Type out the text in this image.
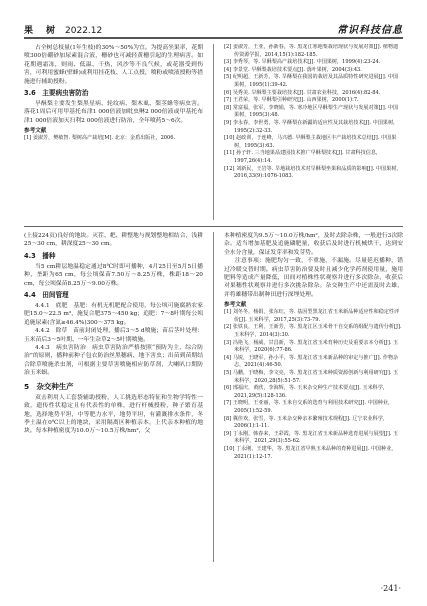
果　树 2022.12	常识科技信息

占全树总枝量(1年生枝)的30%～50%为宜。为提高坐果率，花期喷300倍硼砂加尿素混合液，栅砂也可减轻黄栅引起的生理病害。如花期遇霜冻，则雨、低温、干热，风沙等不良气候，或花器受到伤害，可利用蜜蜂(壁蜂)或利用挂花枝、人工点授，喷粉或喷液授粉等措施进行辅助授粉。

3.6　主要病虫害防治

旱酥梨主要发生梨黑星病、轮纹病、梨木虱、梨茎蜂等病虫害。落花1周后可用甲基托布津1 000倍液加吡虫啉2 000倍液或甲基托布津1 000倍液加灭扫利2 000倍液进行防治，全年喷药5～6次。

参考文献
[1] 姜淑芳，樊敏智. 梨树高产栽培[M]. 北京：金盾出版社，2006.
[2] 姜淑芳，王亚，孙新春，等. 黑龙江寒地梨栽培现状与发展对策[J]. 植物遗传资源学报，2014,15(1):182-185.
[3] 李秀琴，等. 旱酥梨高产栽培技术[J]. 中国果树，1999(4):23-24.
[4] 李景堂. 早酥梨栽培技术要点[J]. 落叶果树，2004(3):43.
[5] 纪明超，王新芳，等. 旱酥梨在我国的栽培及其品质特性研究进展[J]. 中国果树，1995(1):39-42.
[6] 吴秀美. 旱酥梨主要栽培技术[J]. 甘肃农业科技，2016(4):82-84.
[7] 王君荣，等. 早酥梨引种研究[J]. 山西果树，2000(1):7.
[8] 常富福，张军，李晓娟，等. 寒冷地区早酥梨生产现状与发展对策[J]. 中国果树，1995(3):48.
[9] 李永春，李世勇，等. 早酥梨在新疆的适应性及其栽培技术[J]. 中国果树，1995(2):32-33.
[10] 赵政训，于连峰，马兴德. 早酥梨主栽地区丰产栽培技术总结[J]. 中国果树，1995(3):63.
[11] 孙子轩. 三当地果品建园技术推广早酥梨技术[J]. 甘肃科技信息，1997,26(4):14.
[12] 刘新民，王岩等. 旱地栽培技术对旱酥梨坐果和品质的影响[J]. 中国果树，2016,33(9):1076-1083.

(上接224页)良好的地块。灭茬、耙、耕整地与规划整地相结合，浅耕25～30 cm，耕深度25～30 cm。

4.3　播种

当5 cm耕层地温稳定通过8℃时即可播种，4月25日至5月5日播种，垄距为65 cm，每公顷保苗7.50万～8.25万株，株距18～20 cm，每公顷保苗8.25万～9.00万株。

4.4　田间管理

4.4.1　底肥　基肥：有机无机肥配合使用，每公顷可施腐熟农家肥15.0～22.5 m³，施复合肥375～450 kg；追肥：7～8叶期每公顷追施尿素(含氮≥46.4%)300～375 kg。

4.4.2　除草　苗前封闭处理，播后3～5 d喷施；苗后茎叶处理：玉米苗后3～5叶期、一年生杂草2～5叶期喷施。

4.4.3　病虫害防治　病虫草害防治严格按照“预防为主，综合防治”的原则，播种前种子包衣防治丝黑穗病、地下害虫；出苗到苗期结合除草喷施杀虫剂，可根据主要草害喷施相应防草剂，大喇叭口期防治玉米螟。

5　杂交种生产

双击利用人工套袋辅助授粉，人工挑选形态特征和生物学特性一致，遗传性状稳定且有代表性的单株，进行杆械授粉，种子繁育基地，选择地势平坦，中等肥力水平，地势平坦，有灌溉排水条件，冬季土温在0℃以上的地块，采用隔离区种植亲本，上代亲本种植的地块。每本种植密度为10.0万～10.5万株/hm²，父

本种植密度为9.5万～10.0万株/hm²，及时去除杂株，一般进行3次除杂。适当增加基肥及追施磷肥量，收获后及时进行机械烘干，达到安全水分含量，保证发芽率和发芽势。

注意事项：施肥均匀一致，不重施，不漏施。尽量延迟播种，错过冷暖交替时期。病虫草害防治要及时且减少化学药剂使用量，施用肥料等造成产量降低，田间对植株性状观察并进行多次除杂，收获后对果穗性状观察并进行多次挑杂除杂。杂交种生产中还需及时去雄，并将雄穗带出制种田进行深埋处理。

参考文献
[1] 刘冬冬，杨娟，张东红，等. 基因型黑龙江省玉米新品种适应性和稳定性评价[J]. 玉米科学，2017,25(3):73-79.
[2] 张铁良，王利，王新芳，等. 黑龙江区玉米骨干自交系的组配与遗传分析[J]. 玉米科学，2014(3):30.
[3] 冯艳飞，杨威，甘昌新，等. 黑龙江省玉米育种历史及重要亲本分析[J]. 玉米科学，2020(6):77-86.
[4] 马锐，王晓军，孙小平，等. 黑龙江省玉米新品种的审定与推广[J]. 作物杂志，2021(4):46-50.
[5] 马鹏，于晓梅，李文亮，等. 黑龙江省玉米种质资源创新与利用研究[J]. 玉米科学，2020,28(5):51-57.
[6] 邢福庆，黄欣，李海辉，等. 玉米杂交种生产技术要点[J]. 玉米科学，2021,29(5):128-136.
[7] 王晓明，王亚丽，等. 玉米自交系的选育与利用技术研究[J]. 中国种业，2005(1):52-59.
[8] 冀佳欢，张雪，等. 玉米杂交种亲本繁殖技术规程[J]. 辽宁农业科学，2006(1):1-11.
[9] 丁永刚，韩春来，王彩霞，等. 黑龙江省玉米新品种选育进展与展望[J]. 玉米科学，2021,29(3):55-62.
[10] 丁永刚，王建华，等. 黑龙江省早熟玉米品种的育种进展[J]. 中国种业，2021(1):12-17.
·241·
